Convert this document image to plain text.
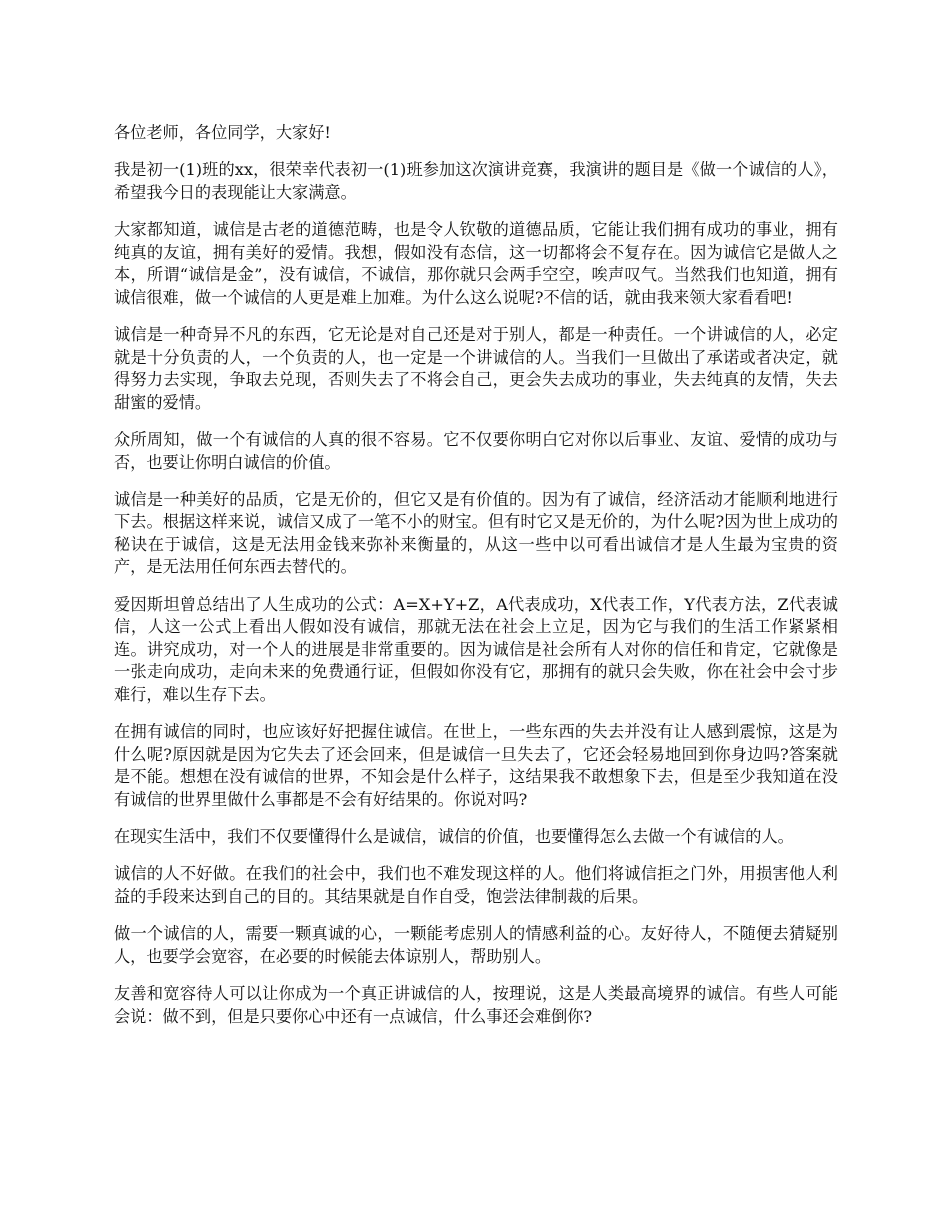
各位老师，各位同学，大家好!

我是初一(1)班的xx，很荣幸代表初一(1)班参加这次演讲竞赛，我演讲的题目是《做一个诚信的人》，希望我今日的表现能让大家满意。

大家都知道，诚信是古老的道德范畴，也是令人钦敬的道德品质，它能让我们拥有成功的事业，拥有纯真的友谊，拥有美好的爱情。我想，假如没有态信，这一切都将会不复存在。因为诚信它是做人之本，所谓“诚信是金”，没有诚信，不诚信，那你就只会两手空空，唉声叹气。当然我们也知道，拥有诚信很难，做一个诚信的人更是难上加难。为什么这么说呢?不信的话，就由我来领大家看看吧!

诚信是一种奇异不凡的东西，它无论是对自己还是对于别人，都是一种责任。一个讲诚信的人，必定就是十分负责的人，一个负责的人，也一定是一个讲诚信的人。当我们一旦做出了承诺或者决定，就得努力去实现，争取去兑现，否则失去了不将会自己，更会失去成功的事业，失去纯真的友情，失去甜蜜的爱情。

众所周知，做一个有诚信的人真的很不容易。它不仅要你明白它对你以后事业、友谊、爱情的成功与否，也要让你明白诚信的价值。

诚信是一种美好的品质，它是无价的，但它又是有价值的。因为有了诚信，经济活动才能顺利地进行下去。根据这样来说，诚信又成了一笔不小的财宝。但有时它又是无价的，为什么呢?因为世上成功的秘诀在于诚信，这是无法用金钱来弥补来衡量的，从这一些中以可看出诚信才是人生最为宝贵的资产，是无法用任何东西去替代的。

爱因斯坦曾总结出了人生成功的公式：A=X+Y+Z，A代表成功，X代表工作，Y代表方法，Z代表诚信，人这一公式上看出人假如没有诚信，那就无法在社会上立足，因为它与我们的生活工作紧紧相连。讲究成功，对一个人的进展是非常重要的。因为诚信是社会所有人对你的信任和肯定，它就像是一张走向成功，走向未来的免费通行证，但假如你没有它，那拥有的就只会失败，你在社会中会寸步难行，难以生存下去。

在拥有诚信的同时，也应该好好把握住诚信。在世上，一些东西的失去并没有让人感到震惊，这是为什么呢?原因就是因为它失去了还会回来，但是诚信一旦失去了，它还会轻易地回到你身边吗?答案就是不能。想想在没有诚信的世界，不知会是什么样子，这结果我不敢想象下去，但是至少我知道在没有诚信的世界里做什么事都是不会有好结果的。你说对吗?

在现实生活中，我们不仅要懂得什么是诚信，诚信的价值，也要懂得怎么去做一个有诚信的人。

诚信的人不好做。在我们的社会中，我们也不难发现这样的人。他们将诚信拒之门外，用损害他人利益的手段来达到自己的目的。其结果就是自作自受，饱尝法律制裁的后果。

做一个诚信的人，需要一颗真诚的心，一颗能考虑别人的情感利益的心。友好待人，不随便去猜疑别人，也要学会宽容，在必要的时候能去体谅别人，帮助别人。

友善和宽容待人可以让你成为一个真正讲诚信的人，按理说，这是人类最高境界的诚信。有些人可能会说：做不到，但是只要你心中还有一点诚信，什么事还会难倒你?
